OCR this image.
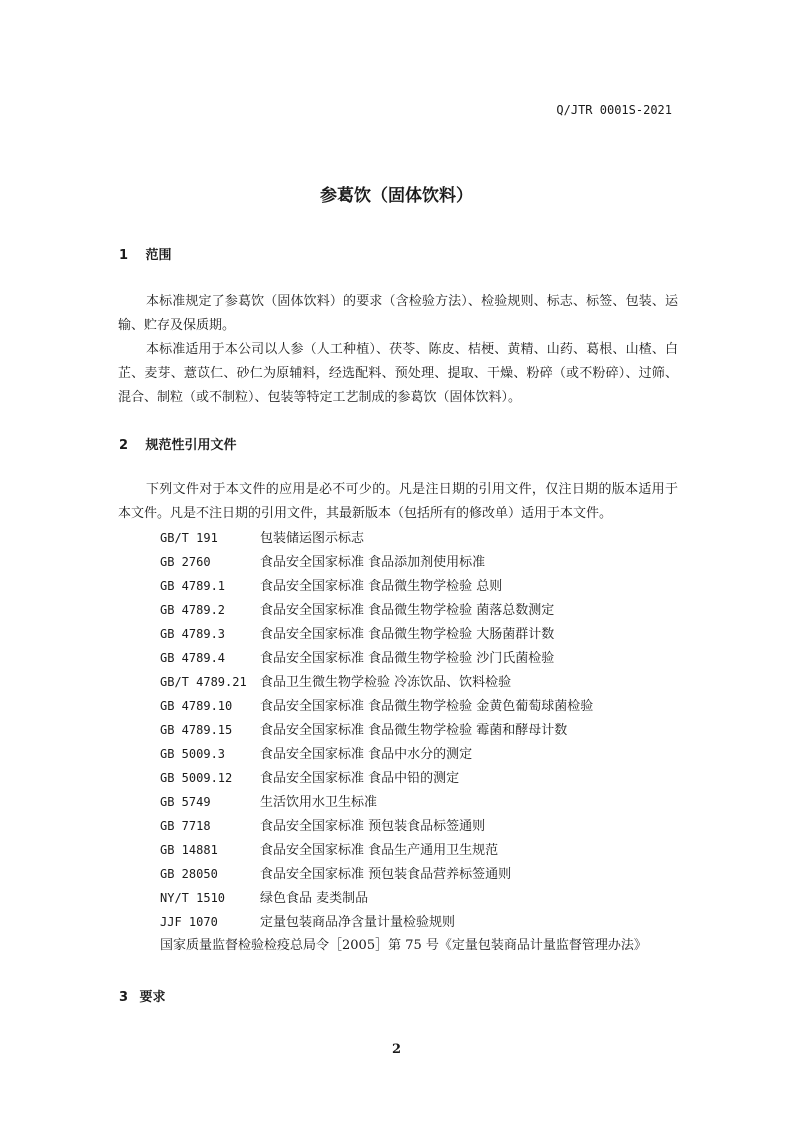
Q/JTR 0001S-2021
参葛饮（固体饮料）
1 范围

本标准规定了参葛饮（固体饮料）的要求（含检验方法）、检验规则、标志、标签、包装、运输、贮存及保质期。

本标准适用于本公司以人参（人工种植）、茯苓、陈皮、桔梗、黄精、山药、葛根、山楂、白芷、麦芽、薏苡仁、砂仁为原辅料，经选配料、预处理、提取、干燥、粉碎（或不粉碎）、过筛、混合、制粒（或不制粒）、包装等特定工艺制成的参葛饮（固体饮料）。

2 规范性引用文件

下列文件对于本文件的应用是必不可少的。凡是注日期的引用文件，仅注日期的版本适用于本文件。凡是不注日期的引用文件，其最新版本（包括所有的修改单）适用于本文件。

GB/T 191	包装储运图示标志
GB 2760	食品安全国家标准 食品添加剂使用标准
GB 4789.1	食品安全国家标准 食品微生物学检验 总则
GB 4789.2	食品安全国家标准 食品微生物学检验 菌落总数测定
GB 4789.3	食品安全国家标准 食品微生物学检验 大肠菌群计数
GB 4789.4	食品安全国家标准 食品微生物学检验 沙门氏菌检验
GB/T 4789.21 食品卫生微生物学检验 冷冻饮品、饮料检验
GB 4789.10 食品安全国家标准 食品微生物学检验 金黄色葡萄球菌检验
GB 4789.15 食品安全国家标准 食品微生物学检验 霉菌和酵母计数
GB 5009.3	食品安全国家标准 食品中水分的测定
GB 5009.12 食品安全国家标准 食品中铅的测定
GB 5749	生活饮用水卫生标准
GB 7718	食品安全国家标准 预包装食品标签通则
GB 14881	食品安全国家标准 食品生产通用卫生规范
GB 28050	食品安全国家标准 预包装食品营养标签通则
NY/T 1510	绿色食品 麦类制品
JJF 1070	定量包装商品净含量计量检验规则
国家质量监督检验检疫总局令［2005］第 75 号《定量包装商品计量监督管理办法》
3 要求
2
